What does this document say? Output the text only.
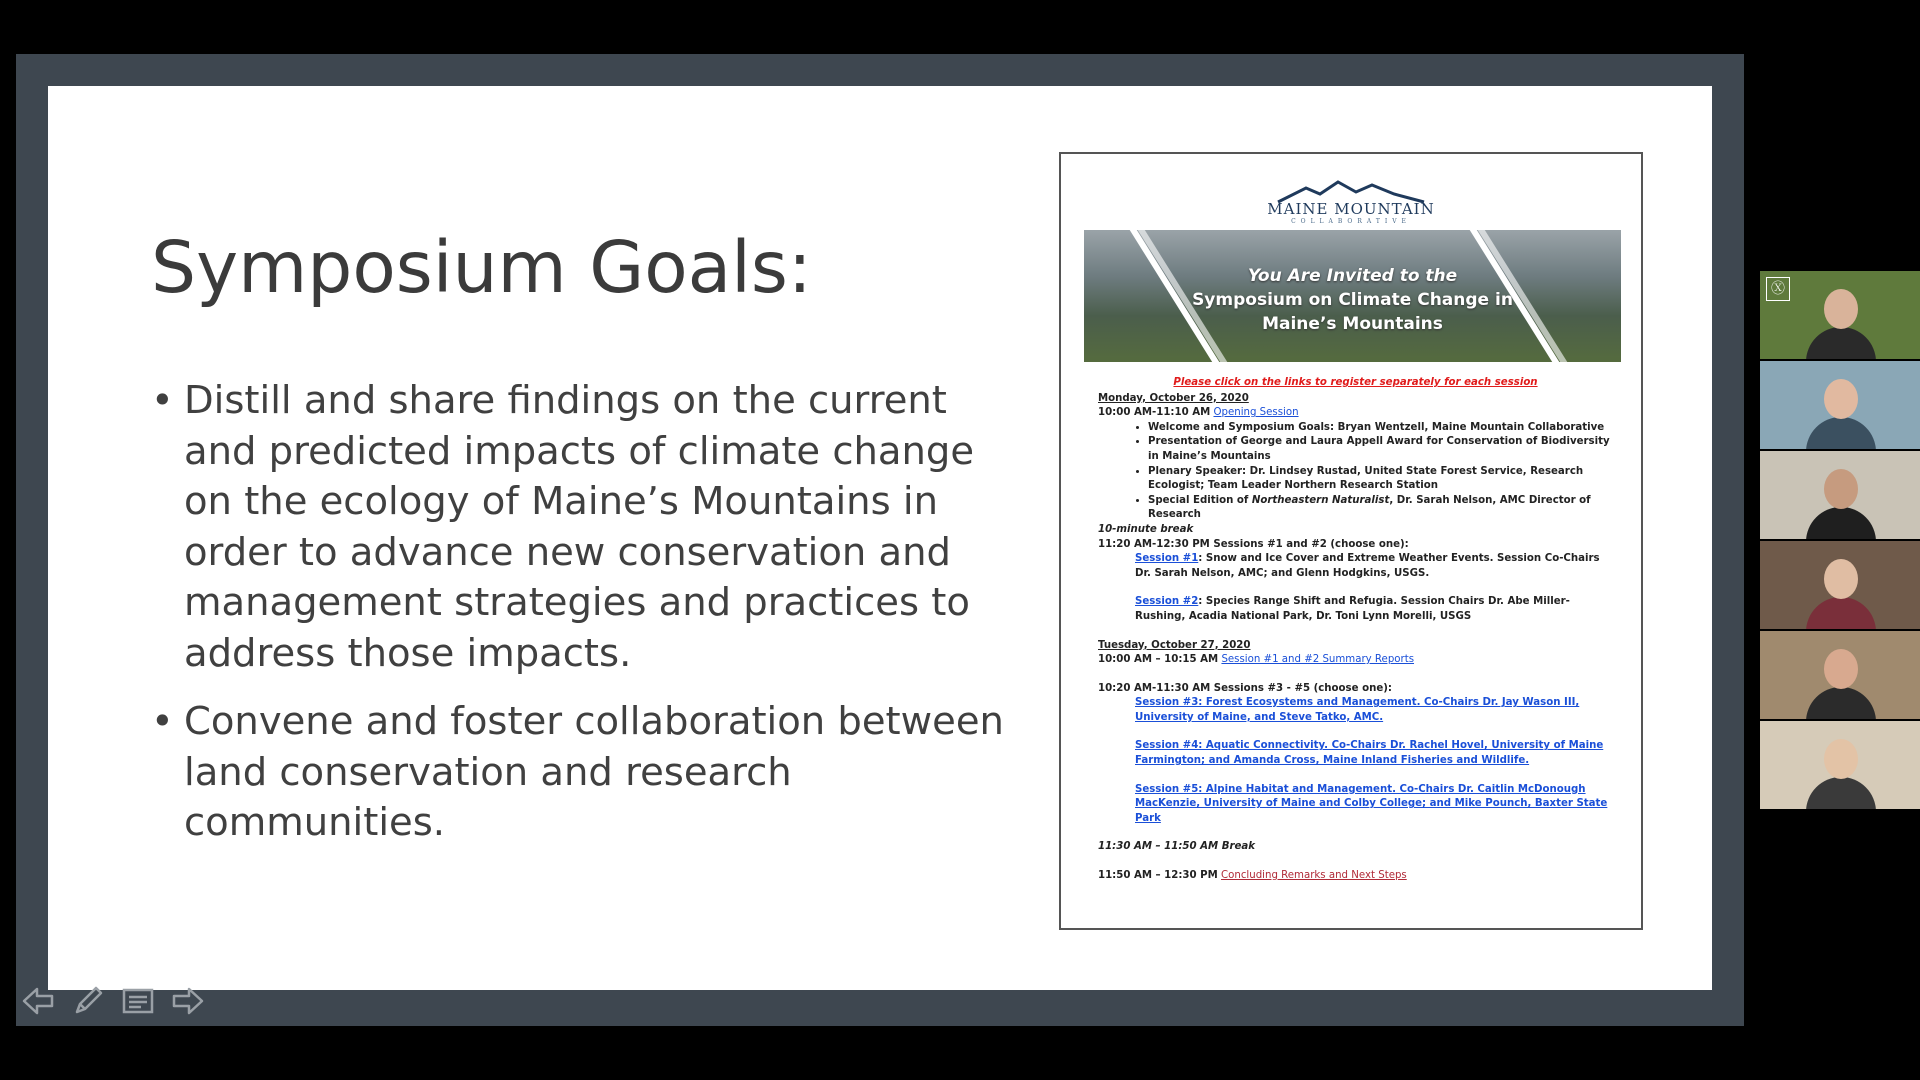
Symposium Goals:
• Distill and share findings on the current and predicted impacts of climate change on the ecology of Maine’s Mountains in order to advance new conservation and management strategies and practices to address those impacts.
• Convene and foster collaboration between land conservation and research communities.
MAINE MOUNTAIN
COLLABORATIVE
You Are Invited to the
Symposium on Climate Change in
Maine’s Mountains
Please click on the links to register separately for each session
Monday, October 26, 2020
10:00 AM-11:10 AM Opening Session
• Welcome and Symposium Goals: Bryan Wentzell, Maine Mountain Collaborative
• Presentation of George and Laura Appell Award for Conservation of Biodiversity in Maine’s Mountains
• Plenary Speaker: Dr. Lindsey Rustad, United State Forest Service, Research Ecologist; Team Leader Northern Research Station
• Special Edition of Northeastern Naturalist, Dr. Sarah Nelson, AMC Director of Research
10-minute break
11:20 AM-12:30 PM Sessions #1 and #2 (choose one):
Session #1: Snow and Ice Cover and Extreme Weather Events. Session Co-Chairs Dr. Sarah Nelson, AMC; and Glenn Hodgkins, USGS.
Session #2: Species Range Shift and Refugia. Session Chairs Dr. Abe Miller-Rushing, Acadia National Park, Dr. Toni Lynn Morelli, USGS
Tuesday, October 27, 2020
10:00 AM – 10:15 AM Session #1 and #2 Summary Reports
10:20 AM-11:30 AM Sessions #3 - #5 (choose one):
Session #3: Forest Ecosystems and Management. Co-Chairs Dr. Jay Wason III, University of Maine, and Steve Tatko, AMC.
Session #4: Aquatic Connectivity. Co-Chairs Dr. Rachel Hovel, University of Maine Farmington; and Amanda Cross, Maine Inland Fisheries and Wildlife.
Session #5: Alpine Habitat and Management. Co-Chairs Dr. Caitlin McDonough MacKenzie, University of Maine and Colby College; and Mike Pounch, Baxter State Park
11:30 AM – 11:50 AM Break
11:50 AM – 12:30 PM Concluding Remarks and Next Steps
Ⓧ
